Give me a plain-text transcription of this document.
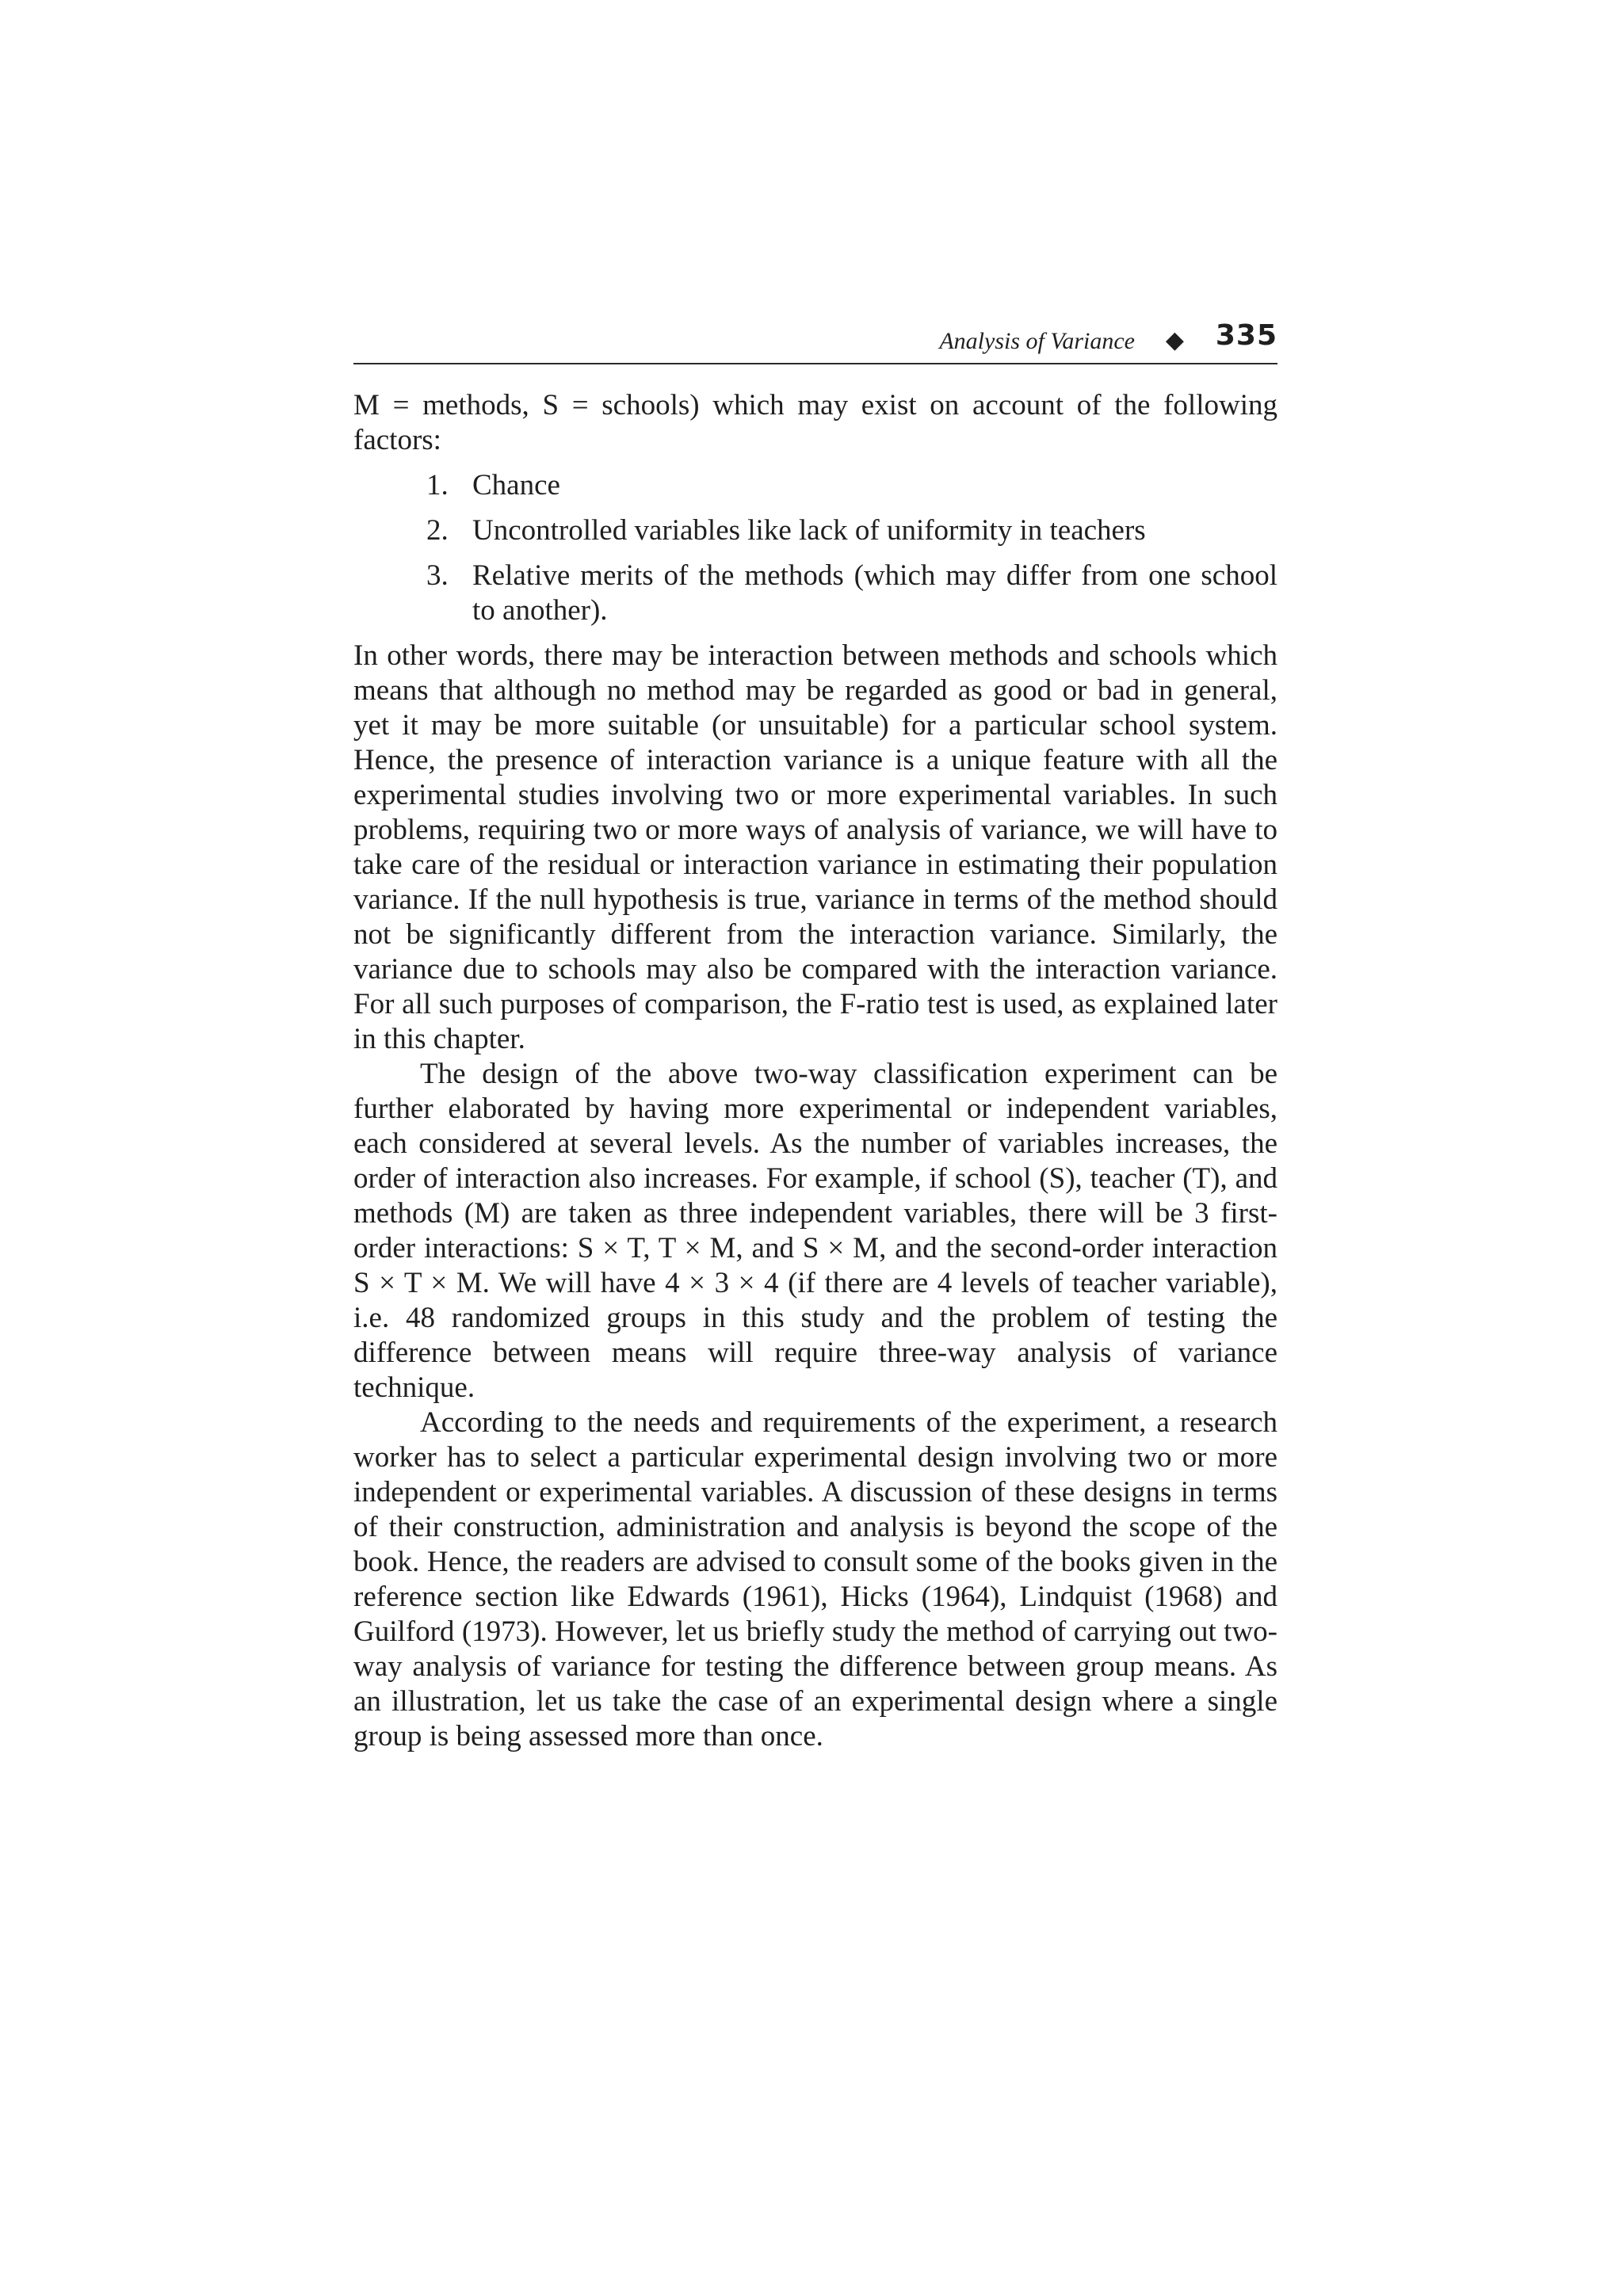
Analysis of Variance ◆ 335

M = methods, S = schools) which may exist on account of the following factors:

1. Chance
2. Uncontrolled variables like lack of uniformity in teachers
3. Relative merits of the methods (which may differ from one school to another).

In other words, there may be interaction between methods and schools which means that although no method may be regarded as good or bad in general, yet it may be more suitable (or unsuitable) for a particular school system. Hence, the presence of interaction variance is a unique feature with all the experimental studies involving two or more experimental variables. In such problems, requiring two or more ways of analysis of variance, we will have to take care of the residual or interaction variance in estimating their population variance. If the null hypothesis is true, variance in terms of the method should not be significantly different from the interaction variance. Similarly, the variance due to schools may also be compared with the interaction variance. For all such purposes of comparison, the F-ratio test is used, as explained later in this chapter.

The design of the above two-way classification experiment can be further elaborated by having more experimental or independent variables, each considered at several levels. As the number of variables increases, the order of interaction also increases. For example, if school (S), teacher (T), and methods (M) are taken as three independent variables, there will be 3 first-order interactions: S × T, T × M, and S × M, and the second-order interaction S × T × M. We will have 4 × 3 × 4 (if there are 4 levels of teacher variable), i.e. 48 randomized groups in this study and the problem of testing the difference between means will require three-way analysis of variance technique.

According to the needs and requirements of the experiment, a research worker has to select a particular experimental design involving two or more independent or experimental variables. A discussion of these designs in terms of their construction, administration and analysis is beyond the scope of the book. Hence, the readers are advised to consult some of the books given in the reference section like Edwards (1961), Hicks (1964), Lindquist (1968) and Guilford (1973). However, let us briefly study the method of carrying out two-way analysis of variance for testing the difference between group means. As an illustration, let us take the case of an experimental design where a single group is being assessed more than once.
